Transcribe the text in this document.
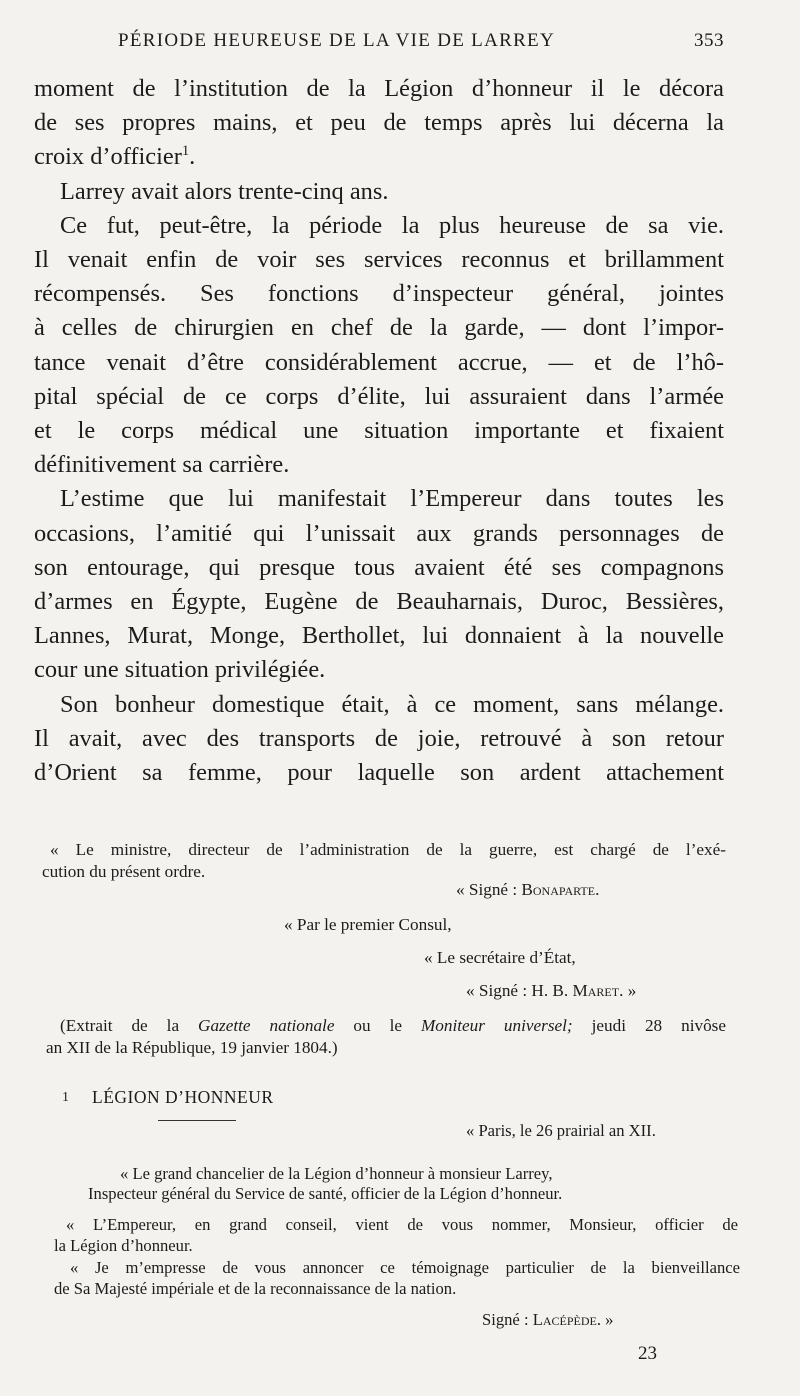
PÉRIODE HEUREUSE DE LA VIE DE LARREY	353

moment de l’institution de la Légion d’honneur il le décora

de ses propres mains, et peu de temps après lui décerna la

croix d’officier$^1$.

Larrey avait alors trente-cinq ans.

Ce fut, peut-être, la période la plus heureuse de sa vie.

Il venait enfin de voir ses services reconnus et brillamment

récompensés. Ses fonctions d’inspecteur général, jointes

à celles de chirurgien en chef de la garde, — dont l’impor-

tance venait d’être considérablement accrue, — et de l’hô-

pital spécial de ce corps d’élite, lui assuraient dans l’armée

et le corps médical une situation importante et fixaient

définitivement sa carrière.

L’estime que lui manifestait l’Empereur dans toutes les

occasions, l’amitié qui l’unissait aux grands personnages de

son entourage, qui presque tous avaient été ses compagnons

d’armes en Égypte, Eugène de Beauharnais, Duroc, Bessières,

Lannes, Murat, Monge, Berthollet, lui donnaient à la nouvelle

cour une situation privilégiée.

Son bonheur domestique était, à ce moment, sans mélange.

Il avait, avec des transports de joie, retrouvé à son retour

d’Orient sa femme, pour laquelle son ardent attachement

« Le ministre, directeur de l’administration de la guerre, est chargé de l’exé-

cution du présent ordre.

« Signé : Bonaparte.
« Par le premier Consul,
« Le secrétaire d’État,
« Signé : H. B. Maret. »

(Extrait de la Gazette nationale ou le Moniteur universel; jeudi 28 nivôse

an XII de la République, 19 janvier 1804.)

1 LÉGION D’HONNEUR
« Paris, le 26 prairial an XII.
« Le grand chancelier de la Légion d’honneur à monsieur Larrey,
Inspecteur général du Service de santé, officier de la Légion d’honneur.

« L’Empereur, en grand conseil, vient de vous nommer, Monsieur, officier de

la Légion d’honneur.

« Je m’empresse de vous annoncer ce témoignage particulier de la bienveillance

de Sa Majesté impériale et de la reconnaissance de la nation.

Signé : Lacépède. »
23
